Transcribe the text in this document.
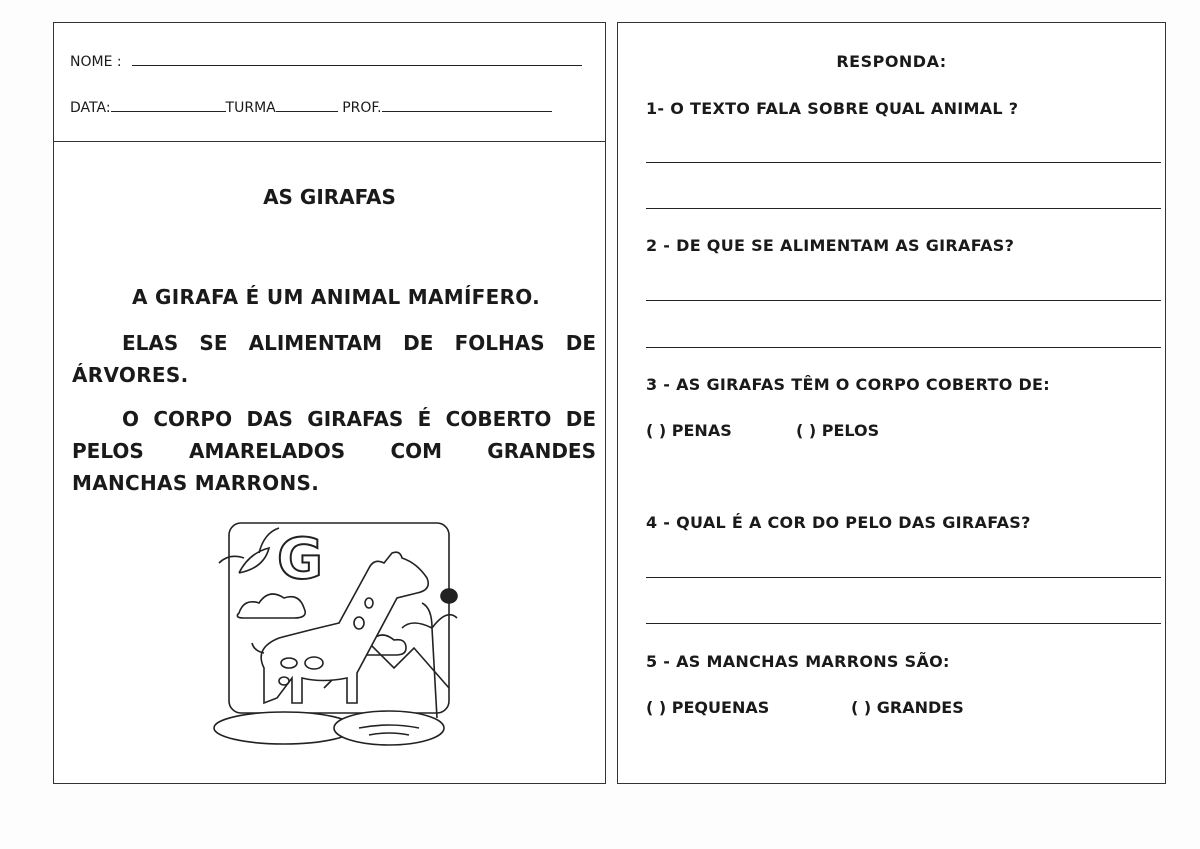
NOME :
DATA:	TURMA	PROF.
AS GIRAFAS
A GIRAFA É UM ANIMAL MAMÍFERO.
ELAS SE ALIMENTAM DE FOLHAS DE
ÁRVORES.
O CORPO DAS GIRAFAS É COBERTO DE
PELOS AMARELADOS COM GRANDES
MANCHAS MARRONS.
G
RESPONDA:
1- O TEXTO FALA SOBRE QUAL ANIMAL ?
2 - DE QUE SE ALIMENTAM AS GIRAFAS?
3 - AS GIRAFAS TÊM O CORPO COBERTO DE:
( ) PENAS	( ) PELOS
4 - QUAL É A COR DO PELO DAS GIRAFAS?
5 - AS MANCHAS MARRONS SÃO:
( ) PEQUENAS	( ) GRANDES
